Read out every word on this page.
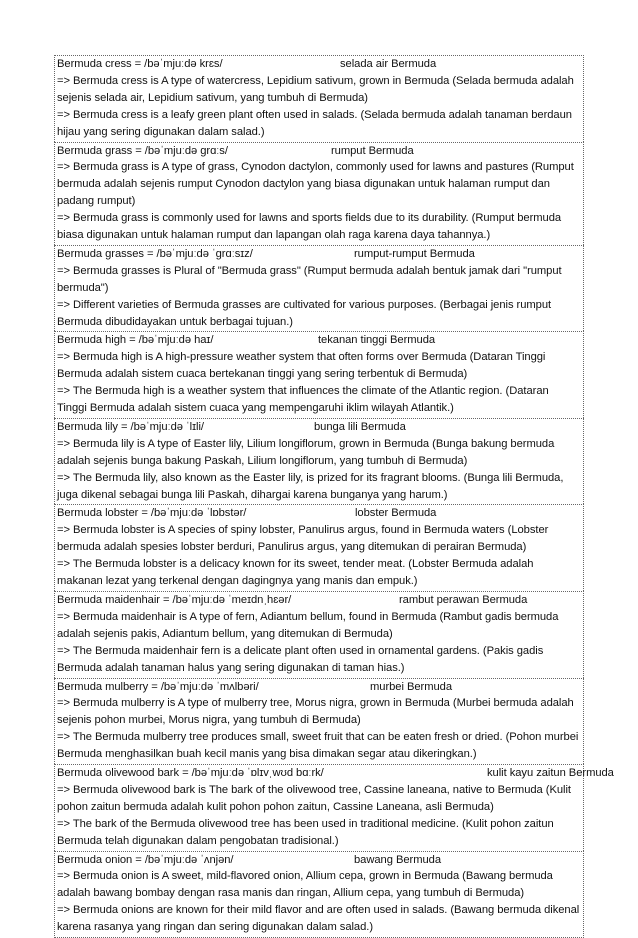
Bermuda cress = /bəˈmjuːdə krɛs/	selada air Bermuda
=> Bermuda cress is A type of watercress, Lepidium sativum, grown in Bermuda (Selada bermuda adalah sejenis selada air, Lepidium sativum, yang tumbuh di Bermuda)
=> Bermuda cress is a leafy green plant often used in salads. (Selada bermuda adalah tanaman berdaun hijau yang sering digunakan dalam salad.)
Bermuda grass = /bəˈmjuːdə ɡrɑːs/	rumput Bermuda
=> Bermuda grass is A type of grass, Cynodon dactylon, commonly used for lawns and pastures (Rumput bermuda adalah sejenis rumput Cynodon dactylon yang biasa digunakan untuk halaman rumput dan padang rumput)
=> Bermuda grass is commonly used for lawns and sports fields due to its durability. (Rumput bermuda biasa digunakan untuk halaman rumput dan lapangan olah raga karena daya tahannya.)
Bermuda grasses = /bəˈmjuːdə ˈɡrɑːsɪz/	rumput-rumput Bermuda
=> Bermuda grasses is Plural of "Bermuda grass" (Rumput bermuda adalah bentuk jamak dari "rumput bermuda")
=> Different varieties of Bermuda grasses are cultivated for various purposes. (Berbagai jenis rumput Bermuda dibudidayakan untuk berbagai tujuan.)
Bermuda high = /bəˈmjuːdə haɪ/	tekanan tinggi Bermuda
=> Bermuda high is A high-pressure weather system that often forms over Bermuda (Dataran Tinggi Bermuda adalah sistem cuaca bertekanan tinggi yang sering terbentuk di Bermuda)
=> The Bermuda high is a weather system that influences the climate of the Atlantic region. (Dataran Tinggi Bermuda adalah sistem cuaca yang mempengaruhi iklim wilayah Atlantik.)
Bermuda lily = /bəˈmjuːdə ˈlɪli/	bunga lili Bermuda
=> Bermuda lily is A type of Easter lily, Lilium longiflorum, grown in Bermuda (Bunga bakung bermuda adalah sejenis bunga bakung Paskah, Lilium longiflorum, yang tumbuh di Bermuda)
=> The Bermuda lily, also known as the Easter lily, is prized for its fragrant blooms. (Bunga lili Bermuda, juga dikenal sebagai bunga lili Paskah, dihargai karena bunganya yang harum.)
Bermuda lobster = /bəˈmjuːdə ˈlɒbstər/	lobster Bermuda
=> Bermuda lobster is A species of spiny lobster, Panulirus argus, found in Bermuda waters (Lobster bermuda adalah spesies lobster berduri, Panulirus argus, yang ditemukan di perairan Bermuda)
=> The Bermuda lobster is a delicacy known for its sweet, tender meat. (Lobster Bermuda adalah makanan lezat yang terkenal dengan dagingnya yang manis dan empuk.)
Bermuda maidenhair = /bəˈmjuːdə ˈmeɪdnˌhɛər/	rambut perawan Bermuda
=> Bermuda maidenhair is A type of fern, Adiantum bellum, found in Bermuda (Rambut gadis bermuda adalah sejenis pakis, Adiantum bellum, yang ditemukan di Bermuda)
=> The Bermuda maidenhair fern is a delicate plant often used in ornamental gardens. (Pakis gadis Bermuda adalah tanaman halus yang sering digunakan di taman hias.)
Bermuda mulberry = /bəˈmjuːdə ˈmʌlbəri/	murbei Bermuda
=> Bermuda mulberry is A type of mulberry tree, Morus nigra, grown in Bermuda (Murbei bermuda adalah sejenis pohon murbei, Morus nigra, yang tumbuh di Bermuda)
=> The Bermuda mulberry tree produces small, sweet fruit that can be eaten fresh or dried. (Pohon murbei Bermuda menghasilkan buah kecil manis yang bisa dimakan segar atau dikeringkan.)
Bermuda olivewood bark = /bəˈmjuːdə ˈɒlɪvˌwʊd bɑːrk/	kulit kayu zaitun Bermuda
=> Bermuda olivewood bark is The bark of the olivewood tree, Cassine laneana, native to Bermuda (Kulit pohon zaitun bermuda adalah kulit pohon pohon zaitun, Cassine Laneana, asli Bermuda)
=> The bark of the Bermuda olivewood tree has been used in traditional medicine. (Kulit pohon zaitun Bermuda telah digunakan dalam pengobatan tradisional.)
Bermuda onion = /bəˈmjuːdə ˈʌnjən/	bawang Bermuda
=> Bermuda onion is A sweet, mild-flavored onion, Allium cepa, grown in Bermuda (Bawang bermuda adalah bawang bombay dengan rasa manis dan ringan, Allium cepa, yang tumbuh di Bermuda)
=> Bermuda onions are known for their mild flavor and are often used in salads. (Bawang bermuda dikenal karena rasanya yang ringan dan sering digunakan dalam salad.)
